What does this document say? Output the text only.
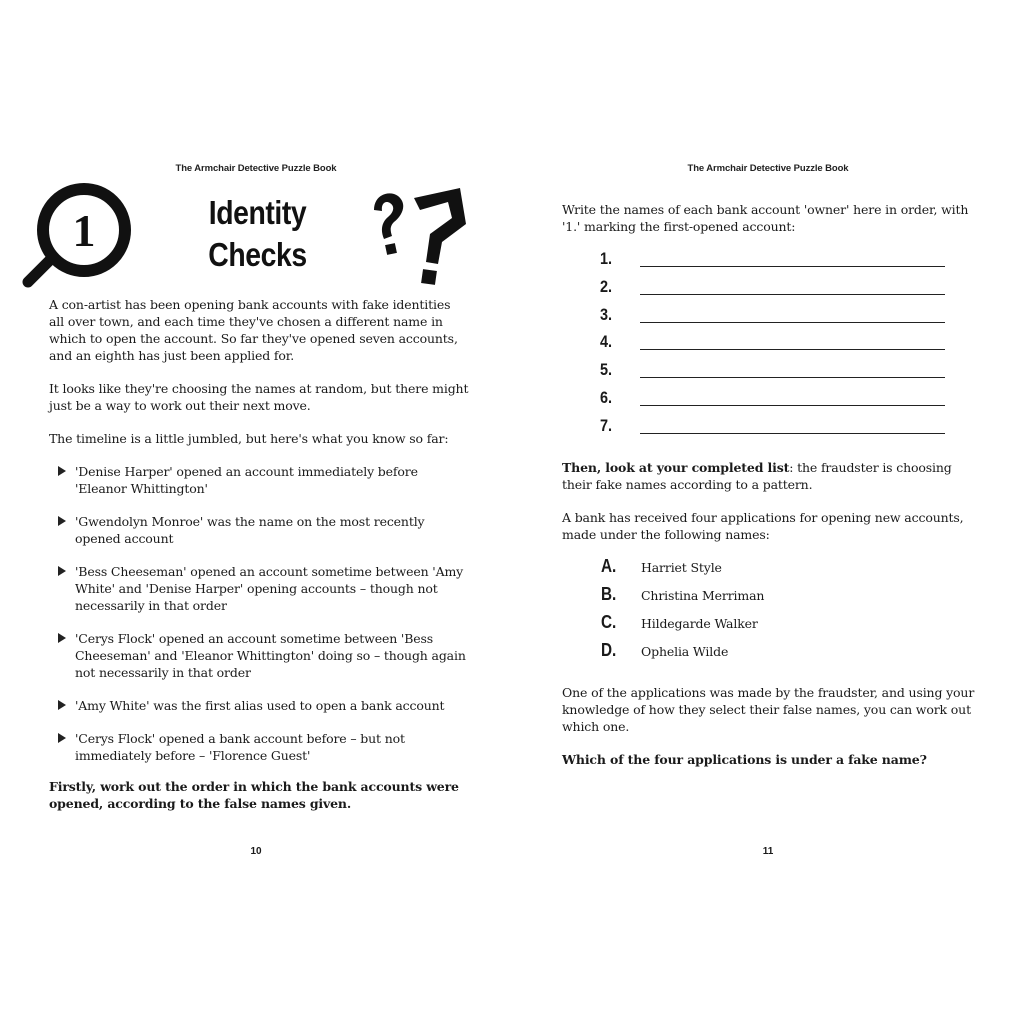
The Armchair Detective Puzzle Book
1	Identity
Checks

A con-artist has been opening bank accounts with fake identities all over town, and each time they've chosen a different name in which to open the account. So far they've opened seven accounts, and an eighth has just been applied for.

It looks like they're choosing the names at random, but there might just be a way to work out their next move.

The timeline is a little jumbled, but here's what you know so far:

'Denise Harper' opened an account immediately before 'Eleanor Whittington'
'Gwendolyn Monroe' was the name on the most recently opened account
'Bess Cheeseman' opened an account sometime between 'Amy White' and 'Denise Harper' opening accounts – though not necessarily in that order
'Cerys Flock' opened an account sometime between 'Bess Cheeseman' and 'Eleanor Whittington' doing so – though again not necessarily in that order
'Amy White' was the first alias used to open a bank account
'Cerys Flock' opened a bank account before – but not immediately before – 'Florence Guest'

Firstly, work out the order in which the bank accounts were opened, according to the false names given.

10
The Armchair Detective Puzzle Book

Write the names of each bank account 'owner' here in order, with '1.' marking the first-opened account:

1.
2.
3.
4.
5.
6.
7.

Then, look at your completed list: the fraudster is choosing their fake names according to a pattern.

A bank has received four applications for opening new accounts, made under the following names:

A. Harriet Style
B. Christina Merriman
C. Hildegarde Walker
D. Ophelia Wilde

One of the applications was made by the fraudster, and using your knowledge of how they select their false names, you can work out which one.

Which of the four applications is under a fake name?

11
